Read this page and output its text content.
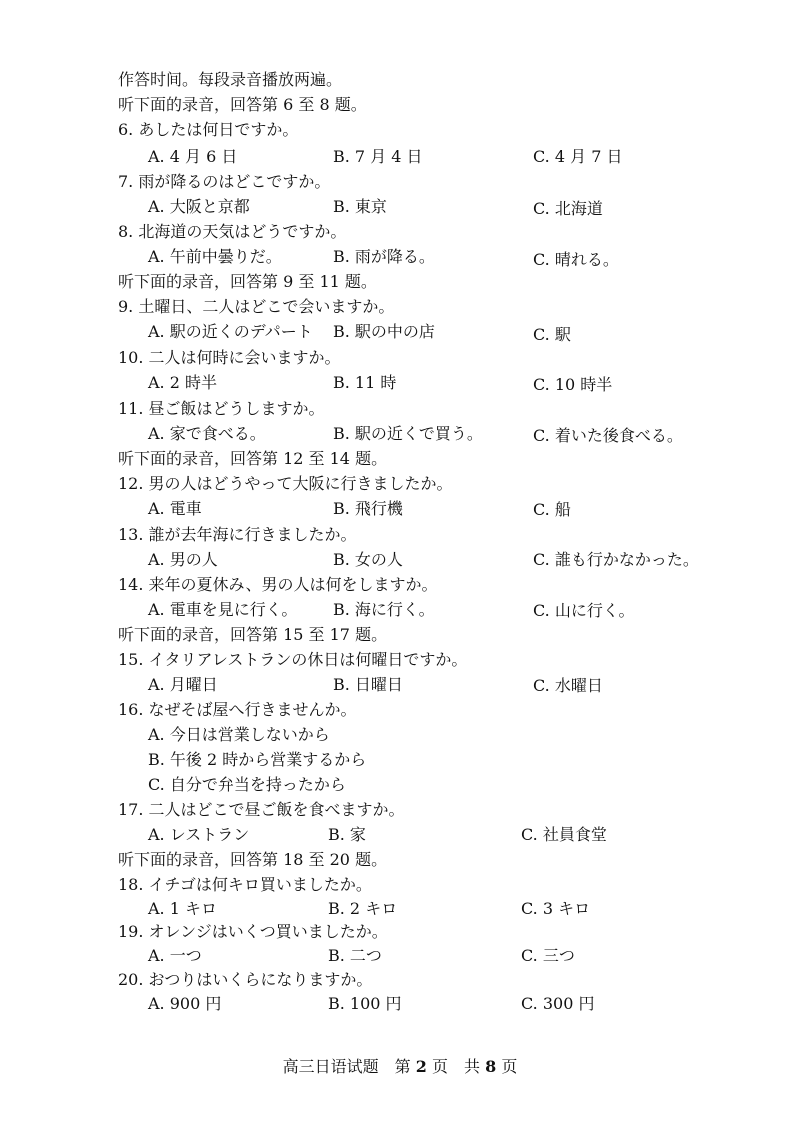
作答时间。每段录音播放两遍。
听下面的录音，回答第 6 至 8 题。
6. あしたは何日ですか。
A. 4 月 6 日	B. 7 月 4 日	C. 4 月 7 日
7. 雨が降るのはどこですか。
A. 大阪と京都	B. 東京	C. 北海道
8. 北海道の天気はどうですか。
A. 午前中曇りだ。	B. 雨が降る。	C. 晴れる。
听下面的录音，回答第 9 至 11 题。
9. 土曜日、二人はどこで会いますか。
A. 駅の近くのデパート B. 駅の中の店	C. 駅
10. 二人は何時に会いますか。
A. 2 時半	B. 11 時	C. 10 時半
11. 昼ご飯はどうしますか。
A. 家で食べる。	B. 駅の近くで買う。	C. 着いた後食べる。
听下面的录音，回答第 12 至 14 题。
12. 男の人はどうやって大阪に行きましたか。
A. 電車	B. 飛行機	C. 船
13. 誰が去年海に行きましたか。
A. 男の人	B. 女の人	C. 誰も行かなかった。
14. 来年の夏休み、男の人は何をしますか。
A. 電車を見に行く。 B. 海に行く。	C. 山に行く。
听下面的录音，回答第 15 至 17 题。
15. イタリアレストランの休日は何曜日ですか。
A. 月曜日	B. 日曜日	C. 水曜日
16. なぜそば屋へ行きませんか。
A. 今日は営業しないから
B. 午後 2 時から営業するから
C. 自分で弁当を持ったから
17. 二人はどこで昼ご飯を食べますか。
A. レストラン	B. 家	C. 社員食堂
听下面的录音，回答第 18 至 20 题。
18. イチゴは何キロ買いましたか。
A. 1 キロ	B. 2 キロ	C. 3 キロ
19. オレンジはいくつ買いましたか。
A. 一つ	B. 二つ	C. 三つ
20. おつりはいくらになりますか。
A. 900 円	B. 100 円	C. 300 円
高三日语试题　第 2 页　共 8 页
